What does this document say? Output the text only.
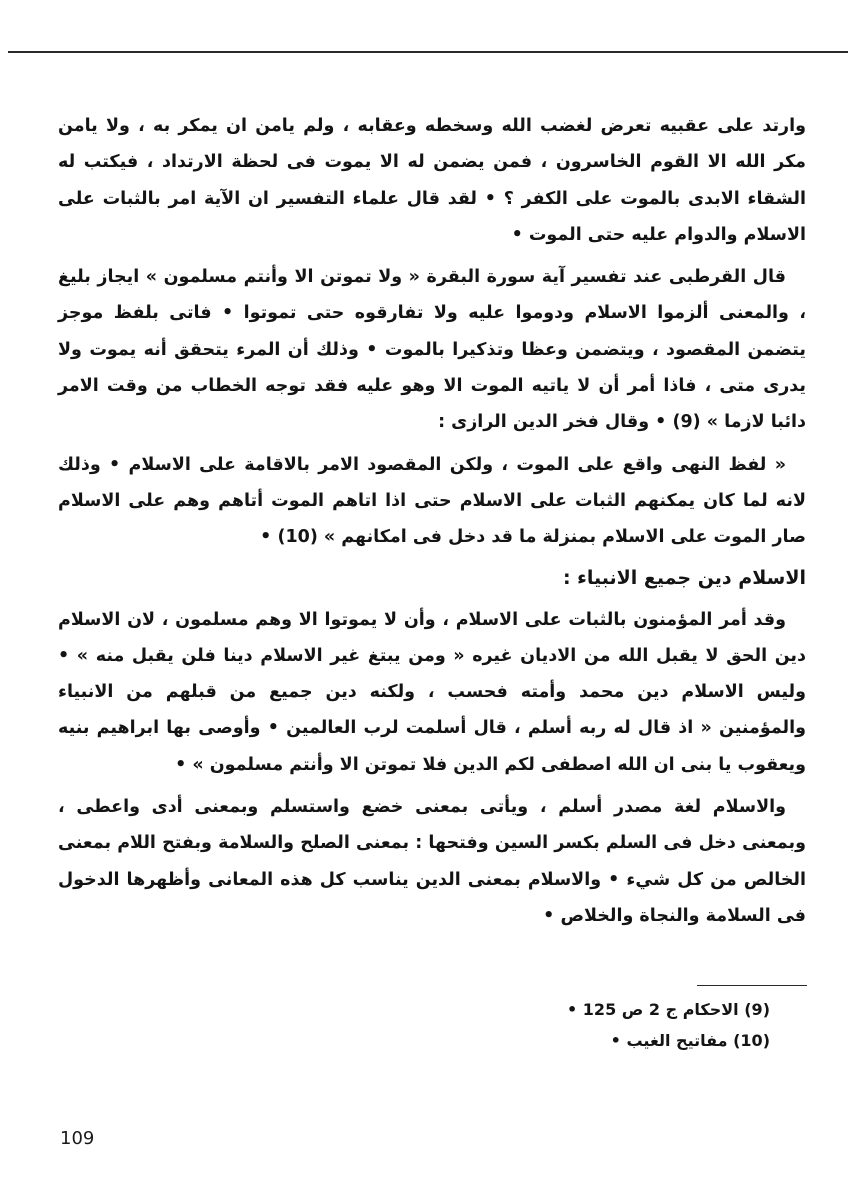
وارتد على عقبيه تعرض لغضب الله وسخطه وعقابه ، ولم يامن ان يمكر به ، ولا يامن مكر الله الا القوم الخاسرون ، فمن يضمن له الا يموت فى لحظة الارتداد ، فيكتب له الشقاء الابدى بالموت على الكفر ؟ • لقد قال علماء التفسير ان الآية امر بالثبات على الاسلام والدوام عليه حتى الموت •

قال القرطبى عند تفسير آية سورة البقرة « ولا تموتن الا وأنتم مسلمون » ايجاز بليغ ، والمعنى ألزموا الاسلام ودوموا عليه ولا تفارقوه حتى تموتوا • فاتى بلفظ موجز يتضمن المقصود ، ويتضمن وعظا وتذكيرا بالموت • وذلك أن المرء يتحقق أنه يموت ولا يدرى متى ، فاذا أمر أن لا ياتيه الموت الا وهو عليه فقد توجه الخطاب من وقت الامر دائبا لازما » (9) • وقال فخر الدين الرازى :

« لفظ النهى واقع على الموت ، ولكن المقصود الامر بالاقامة على الاسلام • وذلك لانه لما كان يمكنهم الثبات على الاسلام حتى اذا اتاهم الموت أتاهم وهم على الاسلام صار الموت على الاسلام بمنزلة ما قد دخل فى امكانهم » (10) •

الاسلام دين جميع الانبياء :

وقد أمر المؤمنون بالثبات على الاسلام ، وأن لا يموتوا الا وهم مسلمون ، لان الاسلام دين الحق لا يقبل الله من الاديان غيره « ومن يبتغ غير الاسلام دينا فلن يقبل منه » • وليس الاسلام دين محمد وأمته فحسب ، ولكنه دين جميع من قبلهم من الانبياء والمؤمنين « اذ قال له ربه أسلم ، قال أسلمت لرب العالمين • وأوصى بها ابراهيم بنيه ويعقوب يا بنى ان الله اصطفى لكم الدين فلا تموتن الا وأنتم مسلمون » •

والاسلام لغة مصدر أسلم ، ويأتى بمعنى خضع واستسلم وبمعنى أدى واعطى ، وبمعنى دخل فى السلم بكسر السين وفتحها : بمعنى الصلح والسلامة وبفتح اللام بمعنى الخالص من كل شيء • والاسلام بمعنى الدين يناسب كل هذه المعانى وأظهرها الدخول فى السلامة والنجاة والخلاص •

(9) الاحكام ج 2 ص 125 •

(10) مفاتيح الغيب •

109
